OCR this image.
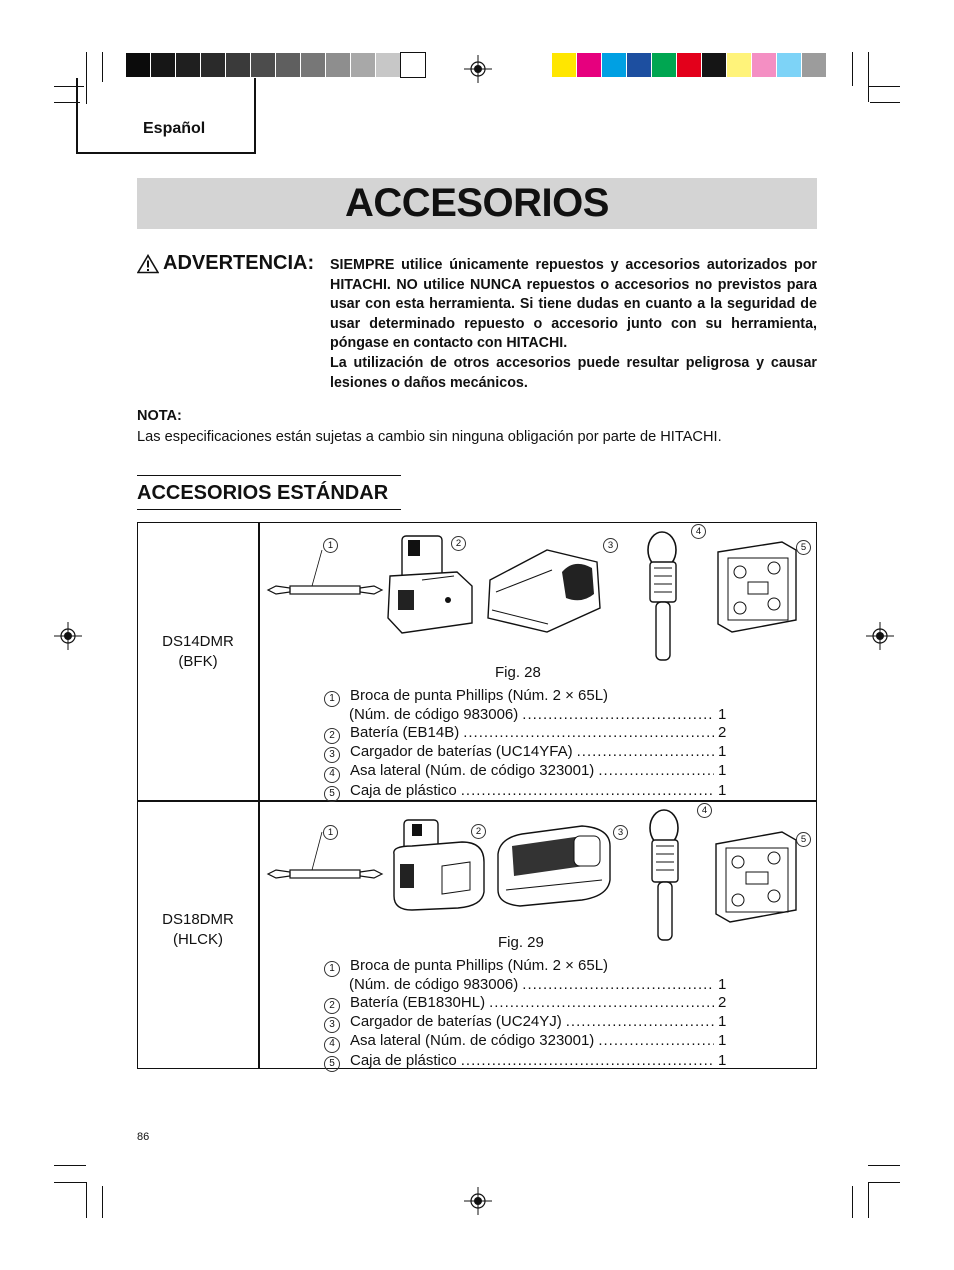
Español
ACCESORIOS
ADVERTENCIA: SIEMPRE utilice únicamente repuestos y accesorios autorizados por HITACHI. NO utilice NUNCA repuestos o accesorios no previstos para usar con esta herramienta. Si tiene dudas en cuanto a la seguridad de usar determinado repuesto o accesorio junto con su herramienta, póngase en contacto con HITACHI.

La utilización de otros accesorios puede resultar peligrosa y causar lesiones o daños mecánicos.

NOTA:
Las especificaciones están sujetas a cambio sin ninguna obligación por parte de HITACHI.
ACCESORIOS ESTÁNDAR
DS14DMR
(BFK)
1	2	3
4
5
Fig. 28
1	Broca de punta Phillips (Núm. 2 × 65L)
(Núm. de código 983006) .....	1
2	Batería (EB14B) .....	2
3	Cargador de baterías (UC14YFA) .....	1
4	Asa lateral (Núm. de código 323001) .....	1
5	Caja de plástico .....	1
DS18DMR
(HLCK)
1	2	3
4
5
Fig. 29
1	Broca de punta Phillips (Núm. 2 × 65L)
(Núm. de código 983006) .....	1
2	Batería (EB1830HL) .....	2
3	Cargador de baterías (UC24YJ) .....	1
4	Asa lateral (Núm. de código 323001) .....	1
5	Caja de plástico .....	1
86
